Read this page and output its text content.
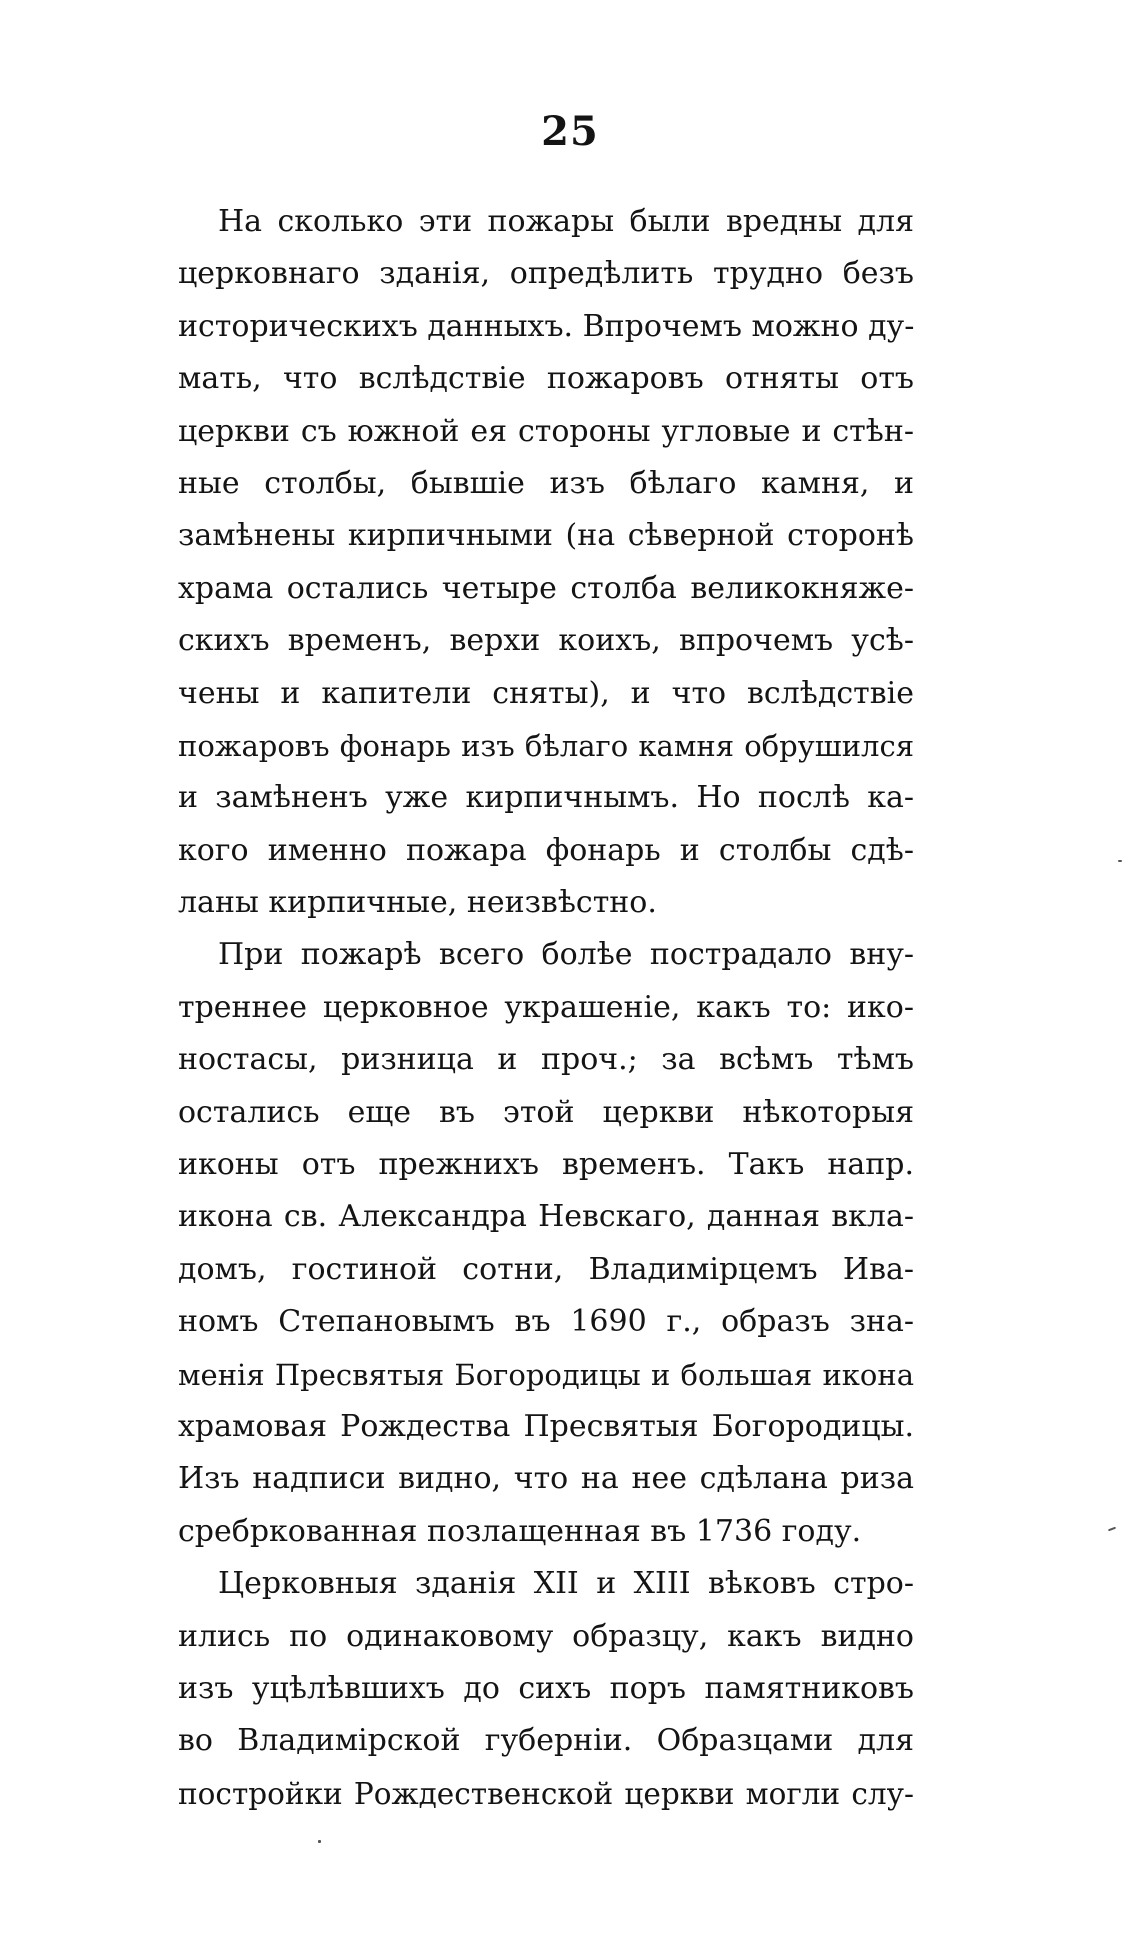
25
На сколько эти пожары были вредны для
церковнаго зданія, опредѣлить трудно безъ
историческихъ данныхъ. Впрочемъ можно ду-
мать, что вслѣдствіе пожаровъ отняты отъ
церкви съ южной ея стороны угловые и стѣн-
ные столбы, бывшіе изъ бѣлаго камня, и
замѣнены кирпичными (на сѣверной сторонѣ
храма остались четыре столба великокняже-
скихъ временъ, верхи коихъ, впрочемъ усѣ-
чены и капители сняты), и что вслѣдствіе
пожаровъ фонарь изъ бѣлаго камня обрушился
и замѣненъ уже кирпичнымъ. Но послѣ ка-
кого именно пожара фонарь и столбы сдѣ-
ланы кирпичные, неизвѣстно.
При пожарѣ всего болѣе пострадало вну-
треннее церковное украшеніе, какъ то: ико-
ностасы, ризница и проч.; за всѣмъ тѣмъ
остались еще въ этой церкви нѣкоторыя
иконы отъ прежнихъ временъ. Такъ напр.
икона св. Александра Невскаго, данная вкла-
домъ, гостиной сотни, Владимірцемъ Ива-
номъ Степановымъ въ 1690 г., образъ зна-
менія Пресвятыя Богородицы и большая икона
храмовая Рождества Пресвятыя Богородицы.
Изъ надписи видно, что на нее сдѣлана риза
сребркованная позлащенная въ 1736 году.
Церковныя зданія XII и XIII вѣковъ стро-
ились по одинаковому образцу, какъ видно
изъ уцѣлѣвшихъ до сихъ поръ памятниковъ
во Владимірской губерніи. Образцами для
постройки Рождественской церкви могли слу-
